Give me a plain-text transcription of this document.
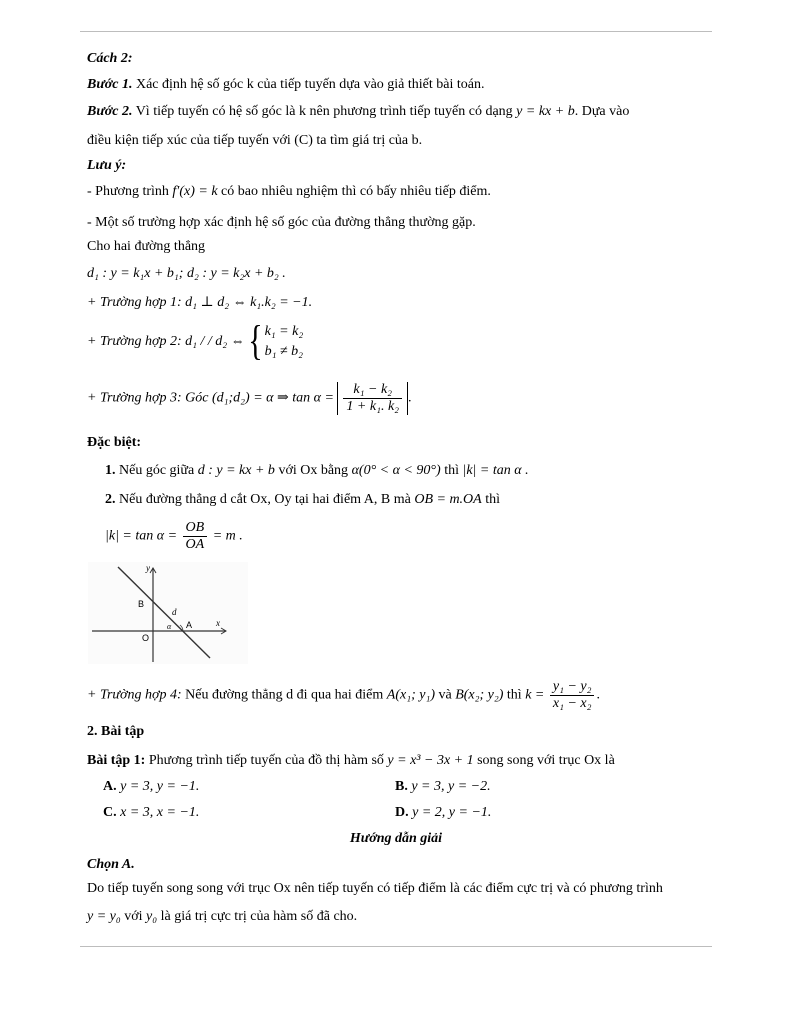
Cách 2:
Bước 1. Xác định hệ số góc k của tiếp tuyến dựa vào giả thiết bài toán.
Bước 2. Vì tiếp tuyến có hệ số góc là k nên phương trình tiếp tuyến có dạng y = kx + b. Dựa vào
điều kiện tiếp xúc của tiếp tuyến với (C) ta tìm giá trị của b.
Lưu ý:
- Phương trình f′(x) = k có bao nhiêu nghiệm thì có bấy nhiêu tiếp điểm.
- Một số trường hợp xác định hệ số góc của đường thẳng thường gặp.
Cho hai đường thẳng
d₁ : y = k₁x + b₁; d₂ : y = k₂x + b₂ .
+ Trường hợp 1: d₁ ⊥ d₂ ⇔ k₁.k₂ = −1.
+ Trường hợp 2: d₁ / / d₂ ⇔ { k₁ = k₂
b₁ ≠ b₂
+ Trường hợp 3: Góc (d₁;d₂) = α ⇒ $\tan \alpha = \frac{\text{k₁ − k₂}}{\text{1 + k₁. k₂}}$ .
Đặc biệt:
1. Nếu góc giữa d : y = kx + b với Ox bằng α(0° < α < 90°) thì |k| = tan α .
2. Nếu đường thẳng d cắt Ox, Oy tại hai điểm A, B mà OB = m.OA thì
$|k| = \tan \alpha = \frac{OB}{OA} = m$ .
y
x
B
O
d
α A
+ Trường hợp 4: Nếu đường thẳng d đi qua hai điểm A(x₁; y₁) và B(x₂; y₂) thì $k = \frac{\text{y₁ − y₂}}{\text{x₁ − x₂}}$ .
2. Bài tập
Bài tập 1: Phương trình tiếp tuyến của đồ thị hàm số y = x³ − 3x + 1 song song với trục Ox là
A. y = 3, y = −1.	B. y = 3, y = −2.
C. x = 3, x = −1.	D. y = 2, y = −1.
Hướng dẫn giải
Chọn A.
Do tiếp tuyến song song với trục Ox nên tiếp tuyến có tiếp điểm là các điểm cực trị và có phương trình
y = y₀ với y₀ là giá trị cực trị của hàm số đã cho.
